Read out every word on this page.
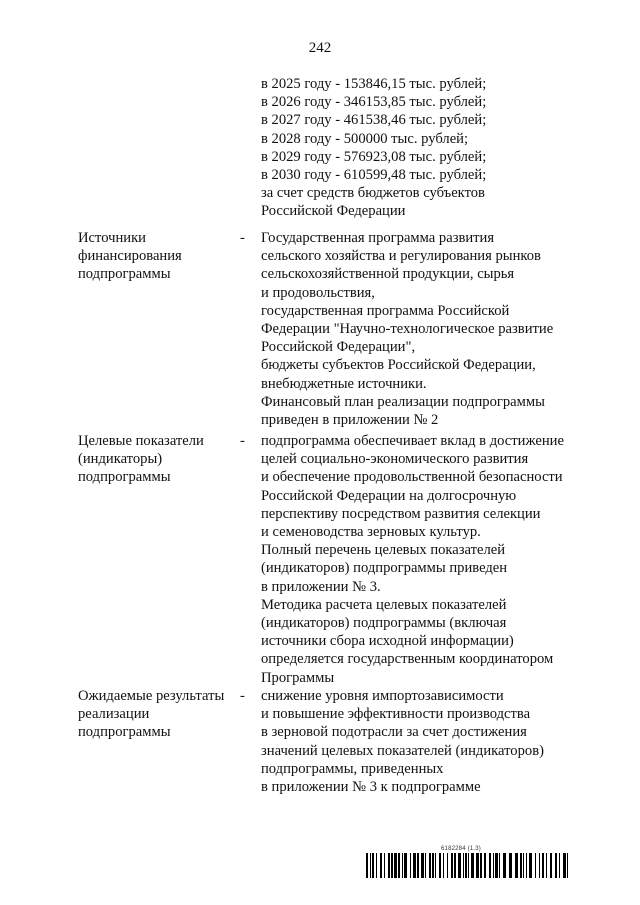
242
в 2025 году - 153846,15 тыс. рублей;
в 2026 году - 346153,85 тыс. рублей;
в 2027 году - 461538,46 тыс. рублей;
в 2028 году - 500000 тыс. рублей;
в 2029 году - 576923,08 тыс. рублей;
в 2030 году - 610599,48 тыс. рублей;
за счет средств бюджетов субъектов
Российской Федерации
Источники
финансирования
подпрограммы
- Государственная программа развития
сельского хозяйства и регулирования рынков
сельскохозяйственной продукции, сырья
и продовольствия,
государственная программа Российской
Федерации "Научно-технологическое развитие
Российской Федерации",
бюджеты субъектов Российской Федерации,
внебюджетные источники.
Финансовый план реализации подпрограммы
приведен в приложении № 2
Целевые показатели
(индикаторы)
подпрограммы
- подпрограмма обеспечивает вклад в достижение
целей социально-экономического развития
и обеспечение продовольственной безопасности
Российской Федерации на долгосрочную
перспективу посредством развития селекции
и семеноводства зерновых культур.
Полный перечень целевых показателей
(индикаторов) подпрограммы приведен
в приложении № 3.
Методика расчета целевых показателей
(индикаторов) подпрограммы (включая
источники сбора исходной информации)
определяется государственным координатором
Программы
Ожидаемые результаты
реализации
подпрограммы
- снижение уровня импортозависимости
и повышение эффективности производства
в зерновой подотрасли за счет достижения
значений целевых показателей (индикаторов)
подпрограммы, приведенных
в приложении № 3 к подпрограмме
6182284 (1.3)
